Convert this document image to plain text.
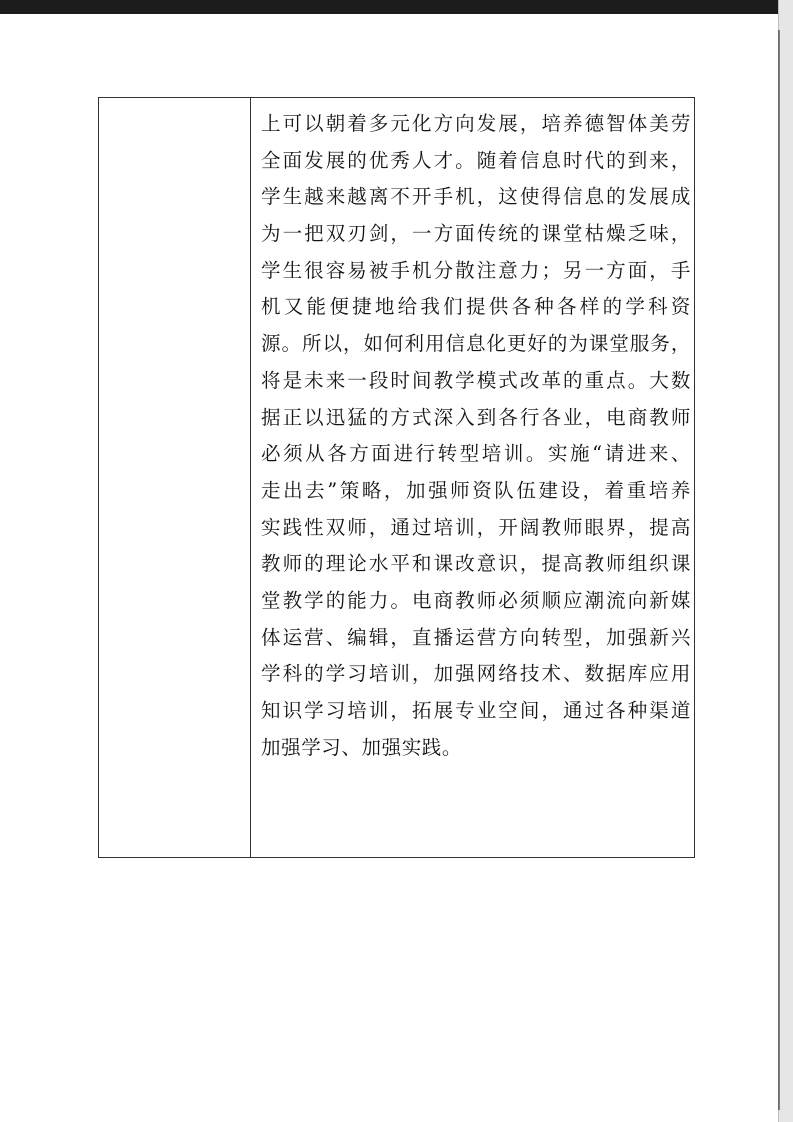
上可以朝着多元化方向发展，培养德智体美劳
全面发展的优秀人才。随着信息时代的到来，
学生越来越离不开手机，这使得信息的发展成
为一把双刃剑，一方面传统的课堂枯燥乏味，
学生很容易被手机分散注意力；另一方面，手
机又能便捷地给我们提供各种各样的学科资
源。所以，如何利用信息化更好的为课堂服务，
将是未来一段时间教学模式改革的重点。大数
据正以迅猛的方式深入到各行各业，电商教师
必须从各方面进行转型培训。实施“请进来、
走出去”策略，加强师资队伍建设，着重培养
实践性双师，通过培训，开阔教师眼界，提高
教师的理论水平和课改意识，提高教师组织课
堂教学的能力。电商教师必须顺应潮流向新媒
体运营、编辑，直播运营方向转型，加强新兴
学科的学习培训，加强网络技术、数据库应用
知识学习培训，拓展专业空间，通过各种渠道
加强学习、加强实践。
